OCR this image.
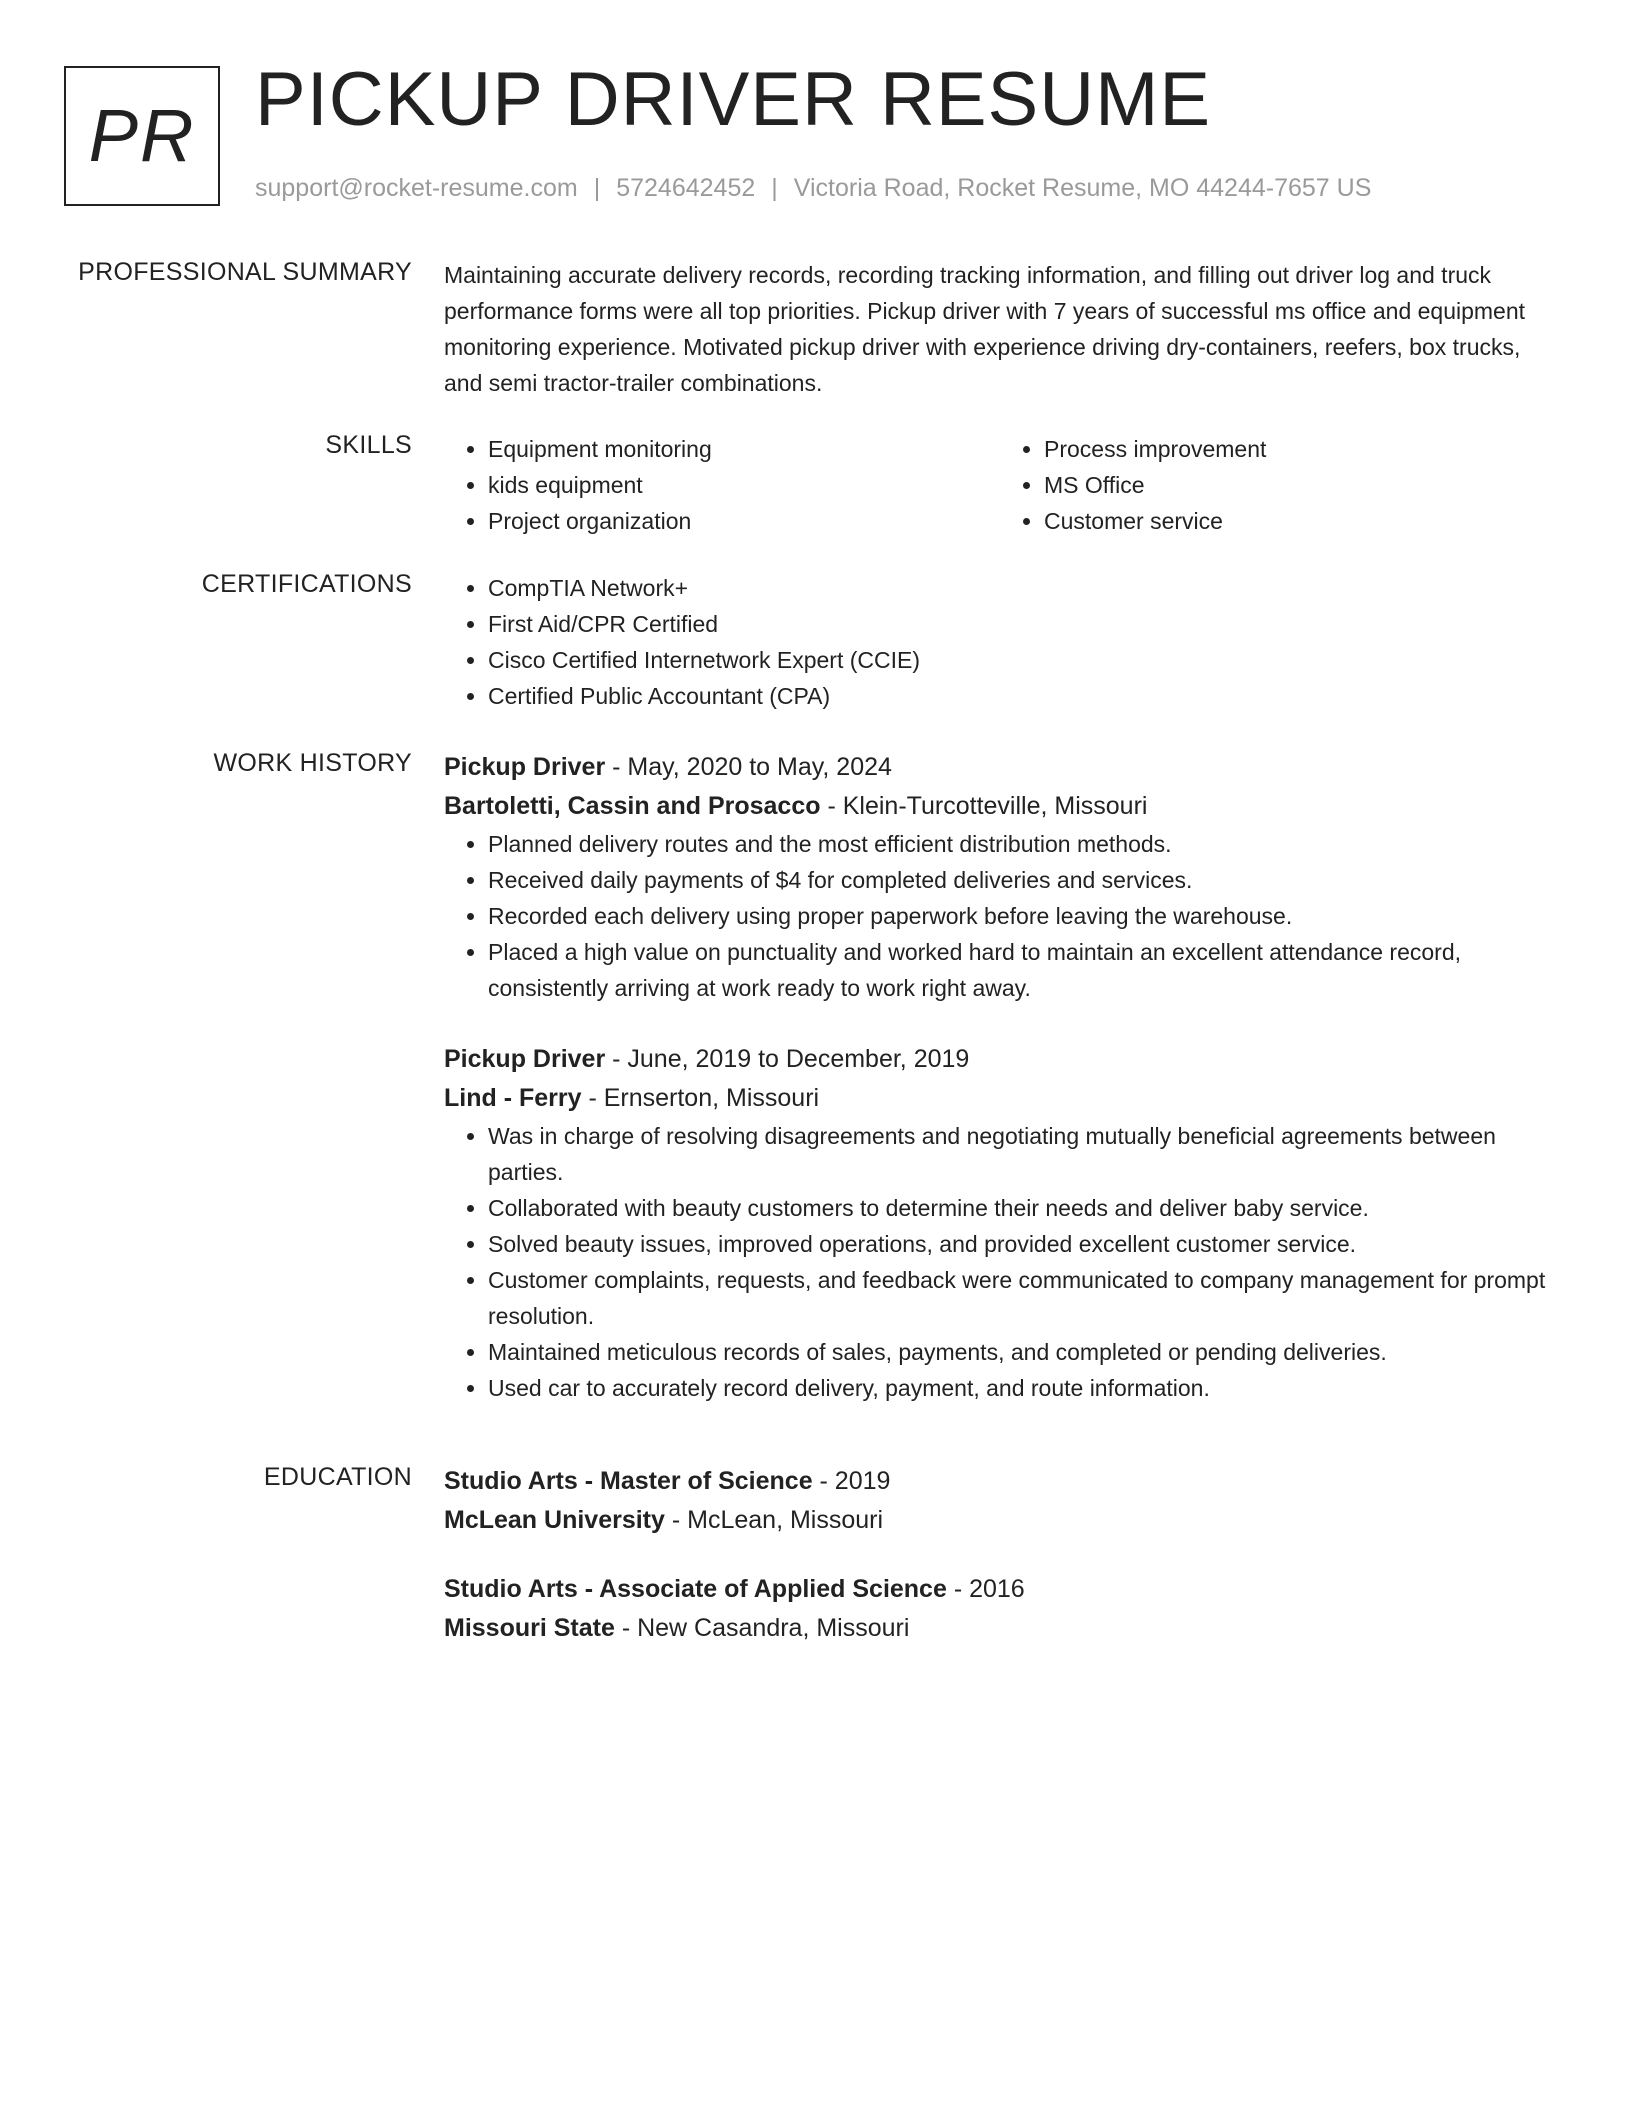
PR PICKUP DRIVER RESUME
support@rocket-resume.com | 5724642452 | Victoria Road, Rocket Resume, MO 44244-7657 US
PROFESSIONAL SUMMARY Maintaining accurate delivery records, recording tracking information, and filling out driver log and truck performance forms were all top priorities. Pickup driver with 7 years of successful ms office and equipment monitoring experience. Motivated pickup driver with experience driving dry-containers, reefers, box trucks, and semi tractor-trailer combinations.

SKILLS	• Equipment monitoring
• kids equipment
• Project organization
• Process improvement
• MS Office
• Customer service
CERTIFICATIONS	• CompTIA Network+
• First Aid/CPR Certified
• Cisco Certified Internetwork Expert (CCIE)
• Certified Public Accountant (CPA)
WORK HISTORY Pickup Driver - May, 2020 to May, 2024
Bartoletti, Cassin and Prosacco - Klein-Turcotteville, Missouri
• Planned delivery routes and the most efficient distribution methods.
• Received daily payments of $4 for completed deliveries and services.
• Recorded each delivery using proper paperwork before leaving the warehouse.
• Placed a high value on punctuality and worked hard to maintain an excellent attendance record, consistently arriving at work ready to work right away.
Pickup Driver - June, 2019 to December, 2019
Lind - Ferry - Ernserton, Missouri
• Was in charge of resolving disagreements and negotiating mutually beneficial agreements between parties.
• Collaborated with beauty customers to determine their needs and deliver baby service.
• Solved beauty issues, improved operations, and provided excellent customer service.
• Customer complaints, requests, and feedback were communicated to company management for prompt resolution.
• Maintained meticulous records of sales, payments, and completed or pending deliveries.
• Used car to accurately record delivery, payment, and route information.
EDUCATION Studio Arts - Master of Science - 2019
McLean University - McLean, Missouri
Studio Arts - Associate of Applied Science - 2016
Missouri State - New Casandra, Missouri
